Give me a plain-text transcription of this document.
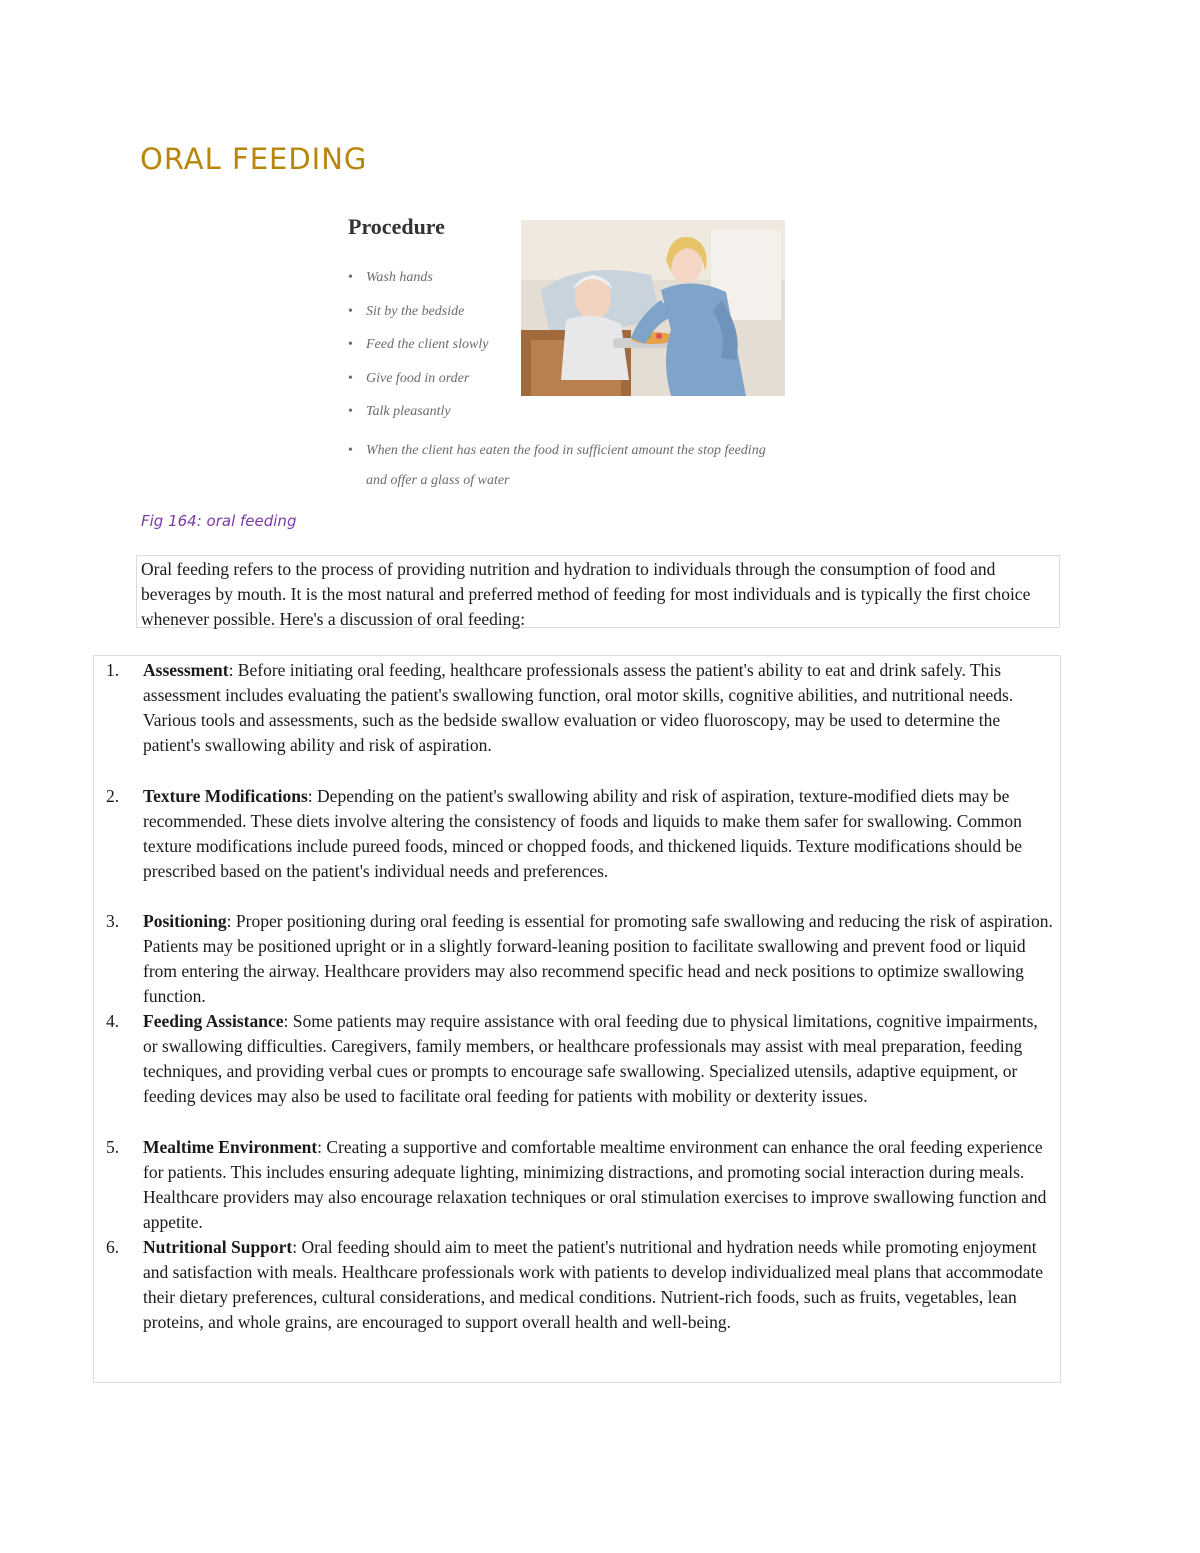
ORAL FEEDING
Procedure
• Wash hands
• Sit by the bedside
• Feed the client slowly
• Give food in order
• Talk pleasantly
• When the client has eaten the food in sufficient amount the stop feeding and offer a glass of water

Fig 164: oral feeding

Oral feeding refers to the process of providing nutrition and hydration to individuals through the consumption of food and beverages by mouth. It is the most natural and preferred method of feeding for most individuals and is typically the first choice whenever possible. Here's a discussion of oral feeding:

1. Assessment: Before initiating oral feeding, healthcare professionals assess the patient's ability to eat and drink safely. This assessment includes evaluating the patient's swallowing function, oral motor skills, cognitive abilities, and nutritional needs. Various tools and assessments, such as the bedside swallow evaluation or video fluoroscopy, may be used to determine the patient's swallowing ability and risk of aspiration.
2. Texture Modifications: Depending on the patient's swallowing ability and risk of aspiration, texture-modified diets may be recommended. These diets involve altering the consistency of foods and liquids to make them safer for swallowing. Common texture modifications include pureed foods, minced or chopped foods, and thickened liquids. Texture modifications should be prescribed based on the patient's individual needs and preferences.
3. Positioning: Proper positioning during oral feeding is essential for promoting safe swallowing and reducing the risk of aspiration. Patients may be positioned upright or in a slightly forward-leaning position to facilitate swallowing and prevent food or liquid from entering the airway. Healthcare providers may also recommend specific head and neck positions to optimize swallowing function.
4. Feeding Assistance: Some patients may require assistance with oral feeding due to physical limitations, cognitive impairments, or swallowing difficulties. Caregivers, family members, or healthcare professionals may assist with meal preparation, feeding techniques, and providing verbal cues or prompts to encourage safe swallowing. Specialized utensils, adaptive equipment, or feeding devices may also be used to facilitate oral feeding for patients with mobility or dexterity issues.
5. Mealtime Environment: Creating a supportive and comfortable mealtime environment can enhance the oral feeding experience for patients. This includes ensuring adequate lighting, minimizing distractions, and promoting social interaction during meals. Healthcare providers may also encourage relaxation techniques or oral stimulation exercises to improve swallowing function and appetite.
6. Nutritional Support: Oral feeding should aim to meet the patient's nutritional and hydration needs while promoting enjoyment and satisfaction with meals. Healthcare professionals work with patients to develop individualized meal plans that accommodate their dietary preferences, cultural considerations, and medical conditions. Nutrient-rich foods, such as fruits, vegetables, lean proteins, and whole grains, are encouraged to support overall health and well-being.
